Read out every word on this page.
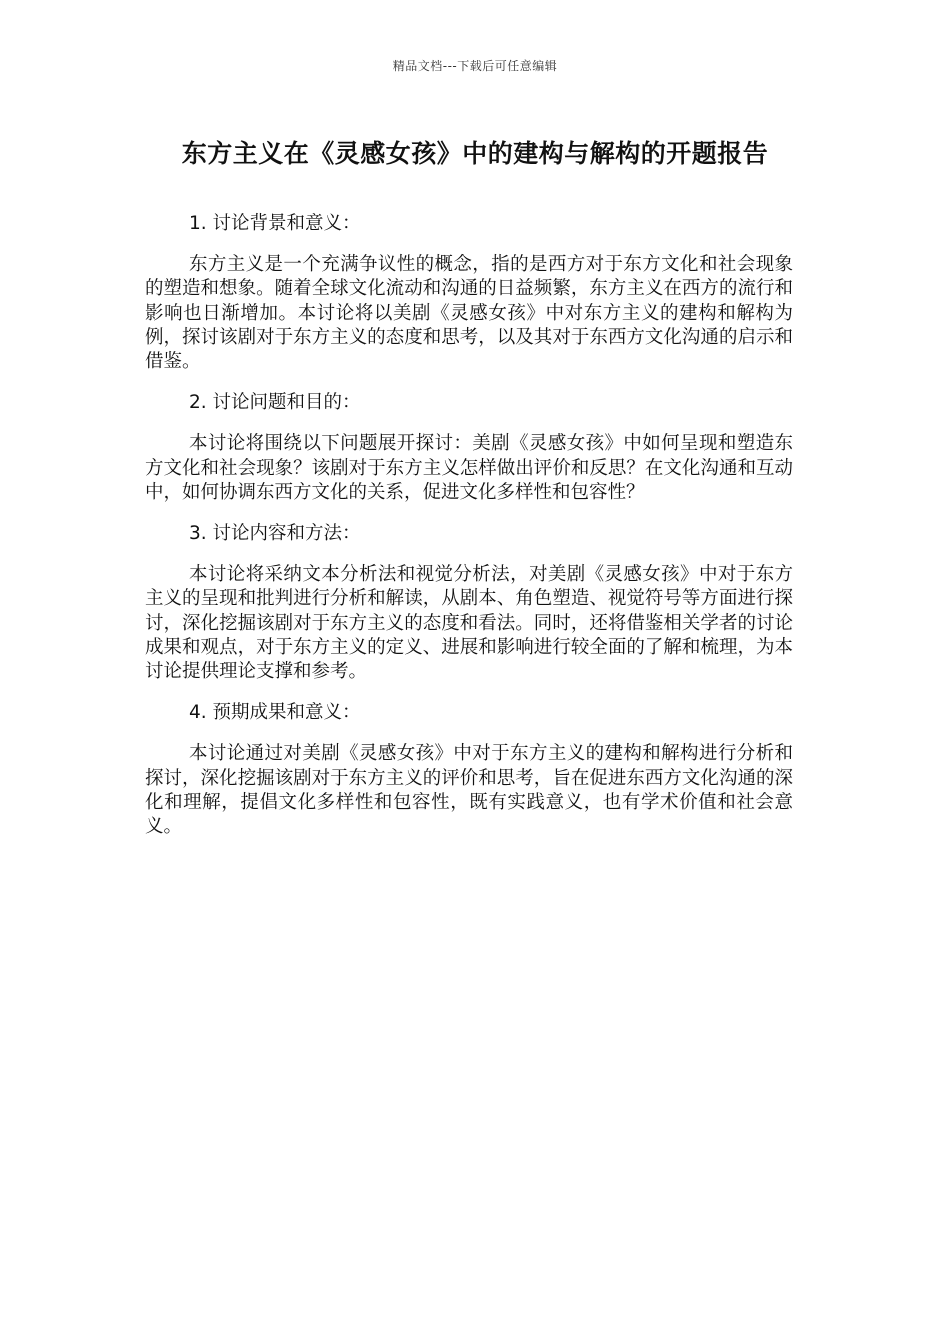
精品文档---下载后可任意编辑
东方主义在《灵感女孩》中的建构与解构的开题报告

1. 讨论背景和意义：

东方主义是一个充满争议性的概念，指的是西方对于东方文化和社会现象的塑造和想象。随着全球文化流动和沟通的日益频繁，东方主义在西方的流行和影响也日渐增加。本讨论将以美剧《灵感女孩》中对东方主义的建构和解构为例，探讨该剧对于东方主义的态度和思考，以及其对于东西方文化沟通的启示和借鉴。

2. 讨论问题和目的：

本讨论将围绕以下问题展开探讨：美剧《灵感女孩》中如何呈现和塑造东方文化和社会现象？该剧对于东方主义怎样做出评价和反思？在文化沟通和互动中，如何协调东西方文化的关系，促进文化多样性和包容性？

3. 讨论内容和方法：

本讨论将采纳文本分析法和视觉分析法，对美剧《灵感女孩》中对于东方主义的呈现和批判进行分析和解读，从剧本、角色塑造、视觉符号等方面进行探讨，深化挖掘该剧对于东方主义的态度和看法。同时，还将借鉴相关学者的讨论成果和观点，对于东方主义的定义、进展和影响进行较全面的了解和梳理，为本讨论提供理论支撑和参考。

4. 预期成果和意义：

本讨论通过对美剧《灵感女孩》中对于东方主义的建构和解构进行分析和探讨，深化挖掘该剧对于东方主义的评价和思考，旨在促进东西方文化沟通的深化和理解，提倡文化多样性和包容性，既有实践意义，也有学术价值和社会意义。
